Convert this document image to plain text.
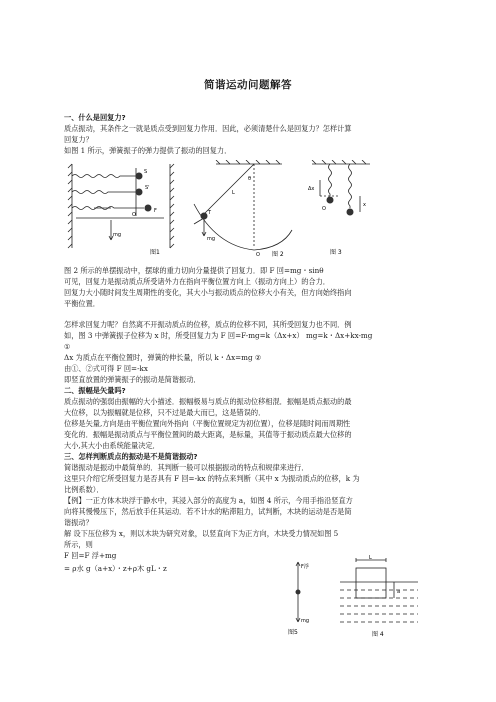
简谐运动问题解答
一、什么是回复力?
质点振动，其条件之一就是质点受到回复力作用．因此，必须清楚什么是回复力？怎样计算
回复力？
如图 1 所示，弹簧振子的弹力提供了振动的回复力．
S
S'
mg
F
O
图1
θ
L
O
T
mg
图 2
x
Δx
O
图 3
图 2 所示的单摆振动中，摆球的重力切向分量提供了回复力．即 F 回=mg・sinθ
可见，回复力是振动质点所受诸外力在指向平衡位置方向上（振动方向上）的合力．
回复力大小随时间发生周期性的变化，其大小与振动质点的位移大小有关，但方向始终指向
平衡位置．
怎样求回复力呢？自然离不开振动质点的位移，质点的位移不同，其所受回复力也不同．例
如，图 3 中弹簧振子位移为 x 时，所受回复力为 F 回=F-mg=k（Δx+x） mg=k・Δx+kx-mg
①
Δx 为质点在平衡位置时，弹簧的伸长量，所以 k・Δx=mg ②
由①、②式可得 F 回=-kx
即竖直放置的弹簧振子的振动是简谐振动．
二、振幅是矢量吗?
质点振动的强弱由振幅的大小描述．振幅极易与质点的振动位移相混．振幅是质点振动的最
大位移，以为振幅就是位移，只不过是最大而已，这是错误的．
位移是矢量,方向是由平衡位置向外指向（平衡位置规定为初位置），位移是随时间而周期性
变化的．振幅是振动质点与平衡位置间的最大距离，是标量，其值等于振动质点最大位移的
大小,其大小由系统能量决定．
三、怎样判断质点的振动是不是简谐振动?
简谐振动是振动中最简单的．其判断一般可以根据振动的特点和规律来进行．
这里只介绍它所受回复力是否具有 F 回=-kx 的特点来判断（其中 x 为振动质点的位移，k 为
比例系数）．
【例】一正方体木块浮于静水中，其浸入部分的高度为 a，如图 4 所示，今用手指沿竖直方
向将其慢慢压下，然后放手任其运动．若不计水的粘滞阻力，试判断，木块的运动是否是简
谐振动？
解 设下压位移为 x，则以木块为研究对象，以竖直向下为正方向，木块受力情况如图 5
所示，则
F 回=F 浮+mg
= ρ水 g（a+x）・z+ρ木 gL・z	F浮
mg
图5
L
a
图 4
